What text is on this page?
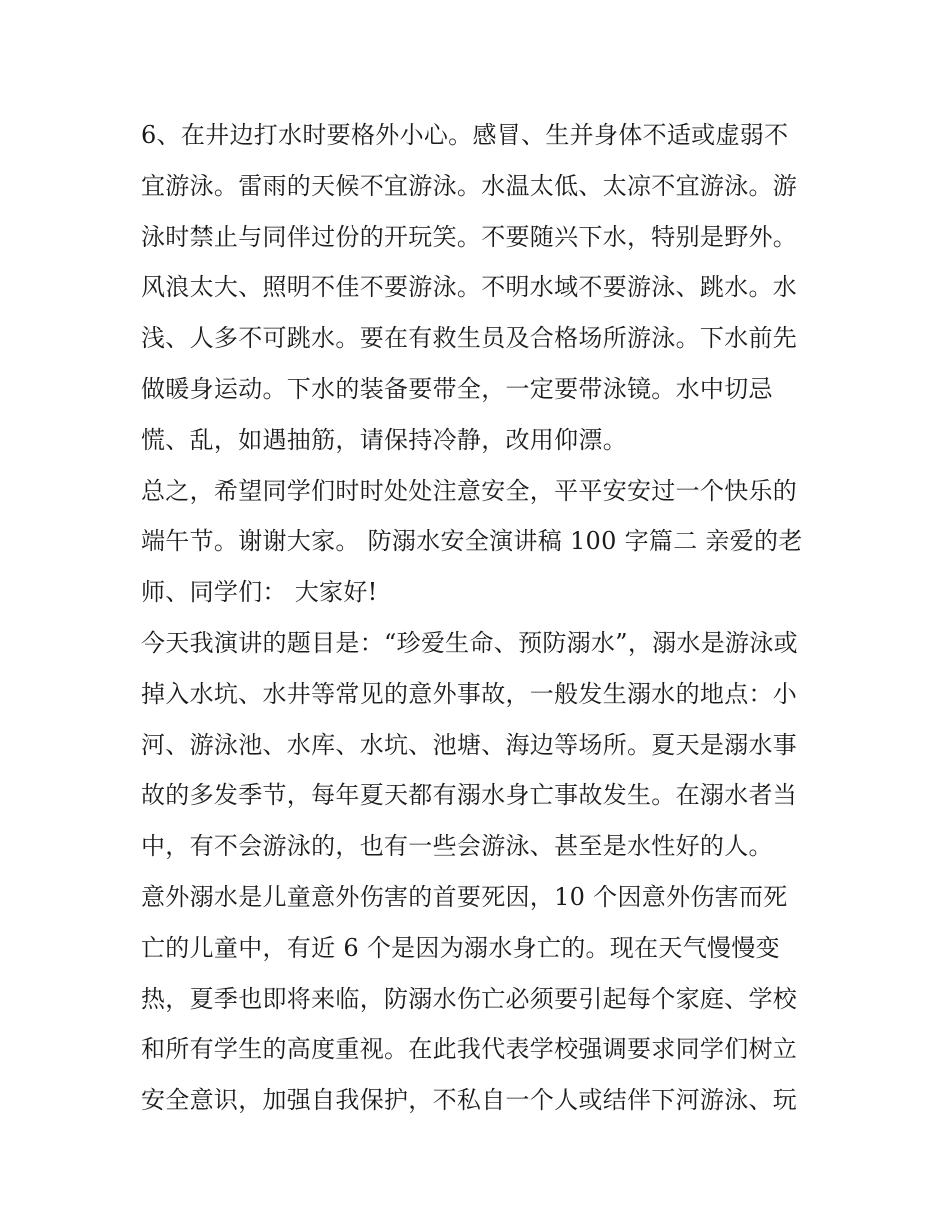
6、在井边打水时要格外小心。感冒、生并身体不适或虚弱不
宜游泳。雷雨的天候不宜游泳。水温太低、太凉不宜游泳。游
泳时禁止与同伴过份的开玩笑。不要随兴下水，特别是野外。
风浪太大、照明不佳不要游泳。不明水域不要游泳、跳水。水
浅、人多不可跳水。要在有救生员及合格场所游泳。下水前先
做暖身运动。下水的装备要带全，一定要带泳镜。水中切忌
慌、乱，如遇抽筋，请保持冷静，改用仰漂。
总之，希望同学们时时处处注意安全，平平安安过一个快乐的
端午节。谢谢大家。 防溺水安全演讲稿 100 字篇二 亲爱的老
师、同学们： 大家好!
今天我演讲的题目是：“珍爱生命、预防溺水”，溺水是游泳或
掉入水坑、水井等常见的意外事故，一般发生溺水的地点：小
河、游泳池、水库、水坑、池塘、海边等场所。夏天是溺水事
故的多发季节，每年夏天都有溺水身亡事故发生。在溺水者当
中，有不会游泳的，也有一些会游泳、甚至是水性好的人。
意外溺水是儿童意外伤害的首要死因，10 个因意外伤害而死
亡的儿童中，有近 6 个是因为溺水身亡的。现在天气慢慢变
热，夏季也即将来临，防溺水伤亡必须要引起每个家庭、学校
和所有学生的高度重视。在此我代表学校强调要求同学们树立
安全意识，加强自我保护，不私自一个人或结伴下河游泳、玩
